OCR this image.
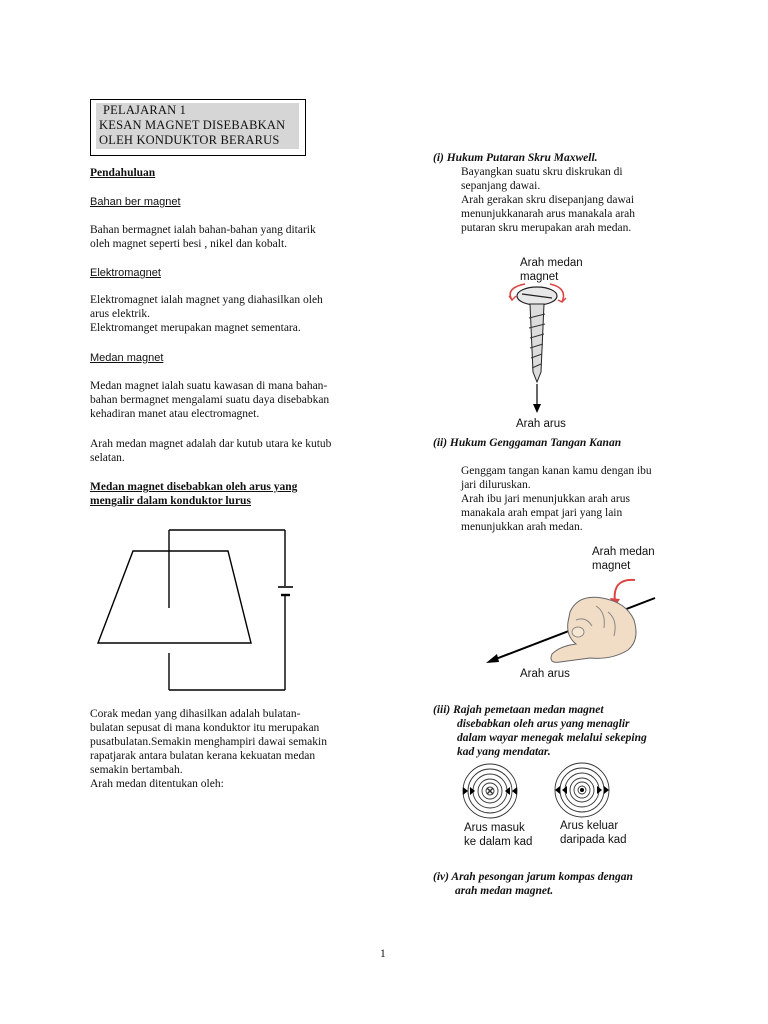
PELAJARAN 1
KESAN MAGNET DISEBABKAN
OLEH KONDUKTOR BERARUS
Pendahuluan
Bahan ber magnet
Bahan bermagnet ialah bahan-bahan yang ditarik
oleh magnet seperti besi , nikel dan kobalt.
Elektromagnet
Elektromagnet ialah magnet yang diahasilkan oleh
arus elektrik.
Elektromanget merupakan magnet sementara.
Medan magnet
Medan magnet ialah suatu kawasan di mana bahan-
bahan bermagnet mengalami suatu daya disebabkan
kehadiran manet atau electromagnet.
Arah medan magnet adalah dar kutub utara ke kutub
selatan.
Medan magnet disebabkan oleh arus yang
mengalir dalam konduktor lurus
Corak medan yang dihasilkan adalah bulatan-
bulatan sepusat di mana konduktor itu merupakan
pusatbulatan.Semakin menghampiri dawai semakin
rapatjarak antara bulatan kerana kekuatan medan
semakin bertambah.
Arah medan ditentukan oleh:
(i) Hukum Putaran Skru Maxwell.
Bayangkan suatu skru diskrukan di
sepanjang dawai.
Arah gerakan skru disepanjang dawai
menunjukkanarah arus manakala arah
putaran skru merupakan arah medan.
Arah medan
magnet
Arah arus
(ii) Hukum Genggaman Tangan Kanan
Genggam tangan kanan kamu dengan ibu
jari diluruskan.
Arah ibu jari menunjukkan arah arus
manakala arah empat jari yang lain
menunjukkan arah medan.
Arah medan
magnet
Arah arus
(iii) Rajah pemetaan medan magnet
disebabkan oleh arus yang menaglir
dalam wayar menegak melalui sekeping
kad yang mendatar.
Arus masuk
ke dalam kad
Arus keluar
daripada kad
(iv) Arah pesongan jarum kompas dengan
arah medan magnet.
1
